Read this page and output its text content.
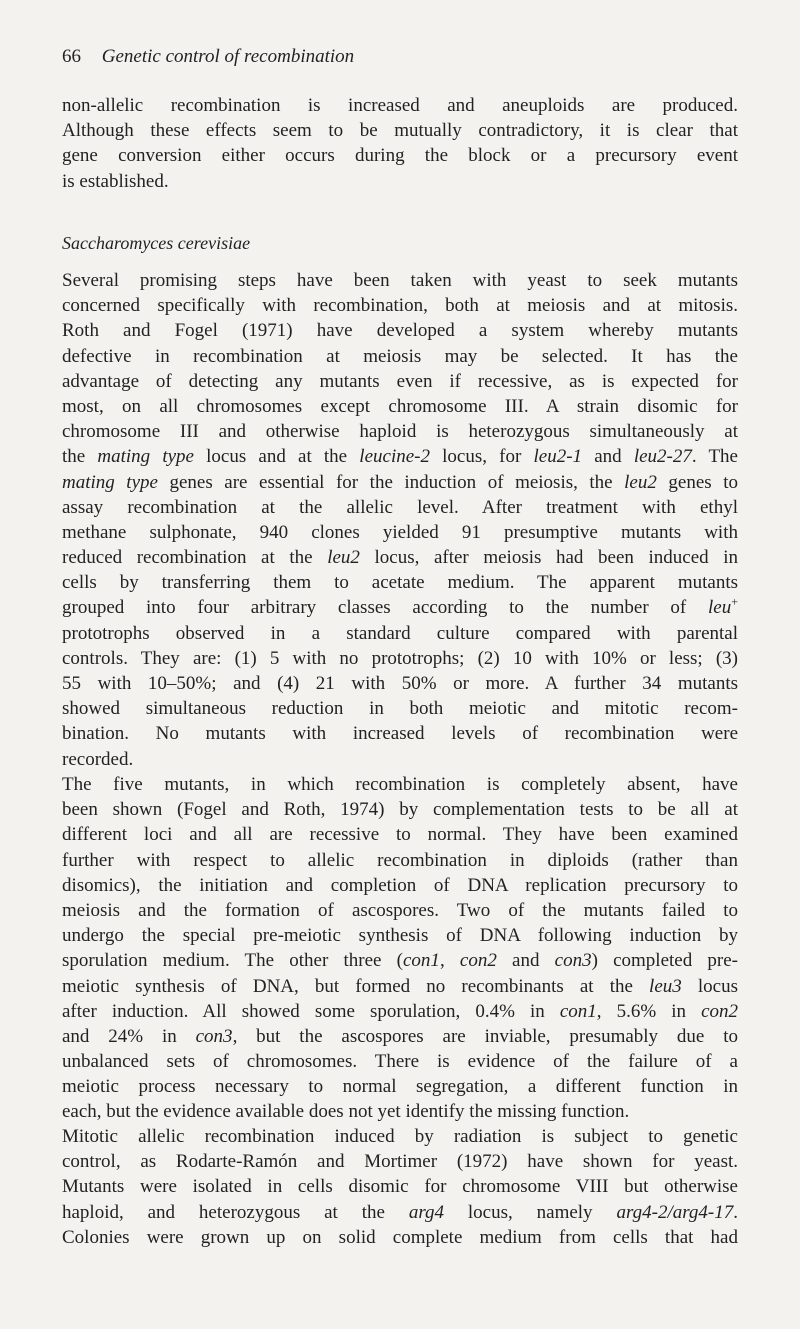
66 Genetic control of recombination
non-allelic recombination is increased and aneuploids are produced.
Although these effects seem to be mutually contradictory, it is clear that
gene conversion either occurs during the block or a precursory event
is established.
Saccharomyces cerevisiae
Several promising steps have been taken with yeast to seek mutants
concerned specifically with recombination, both at meiosis and at mitosis.
Roth and Fogel (1971) have developed a system whereby mutants
defective in recombination at meiosis may be selected. It has the
advantage of detecting any mutants even if recessive, as is expected for
most, on all chromosomes except chromosome III. A strain disomic for
chromosome III and otherwise haploid is heterozygous simultaneously at
the mating type locus and at the leucine-2 locus, for leu2-1 and leu2-27. The
mating type genes are essential for the induction of meiosis, the leu2 genes to
assay recombination at the allelic level. After treatment with ethyl
methane sulphonate, 940 clones yielded 91 presumptive mutants with
reduced recombination at the leu2 locus, after meiosis had been induced in
cells by transferring them to acetate medium. The apparent mutants
grouped into four arbitrary classes according to the number of leu+
prototrophs observed in a standard culture compared with parental
controls. They are: (1) 5 with no prototrophs; (2) 10 with 10% or less; (3)
55 with 10–50%; and (4) 21 with 50% or more. A further 34 mutants
showed simultaneous reduction in both meiotic and mitotic recom-
bination. No mutants with increased levels of recombination were
recorded.
The five mutants, in which recombination is completely absent, have
been shown (Fogel and Roth, 1974) by complementation tests to be all at
different loci and all are recessive to normal. They have been examined
further with respect to allelic recombination in diploids (rather than
disomics), the initiation and completion of DNA replication precursory to
meiosis and the formation of ascospores. Two of the mutants failed to
undergo the special pre-meiotic synthesis of DNA following induction by
sporulation medium. The other three (con1, con2 and con3) completed pre-
meiotic synthesis of DNA, but formed no recombinants at the leu3 locus
after induction. All showed some sporulation, 0.4% in con1, 5.6% in con2
and 24% in con3, but the ascospores are inviable, presumably due to
unbalanced sets of chromosomes. There is evidence of the failure of a
meiotic process necessary to normal segregation, a different function in
each, but the evidence available does not yet identify the missing function.
Mitotic allelic recombination induced by radiation is subject to genetic
control, as Rodarte-Ramón and Mortimer (1972) have shown for yeast.
Mutants were isolated in cells disomic for chromosome VIII but otherwise
haploid, and heterozygous at the arg4 locus, namely arg4-2/arg4-17.
Colonies were grown up on solid complete medium from cells that had
